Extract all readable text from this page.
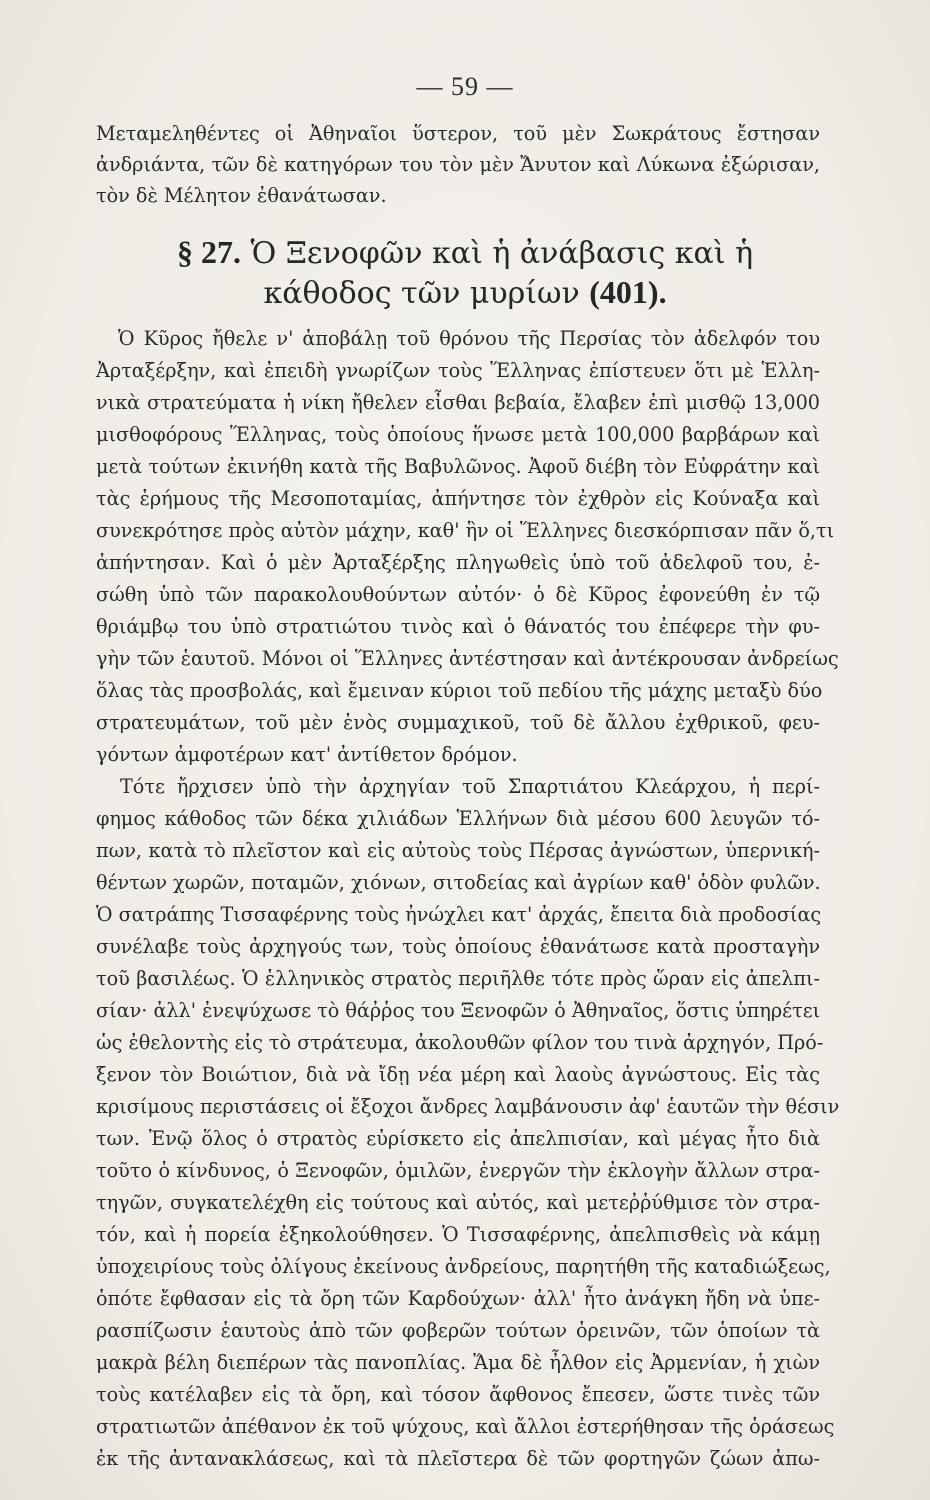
— 59 —
Μεταμεληθέντες οἱ Ἀθηναῖοι ὕστερον, τοῦ μὲν Σωκράτους ἔστησαν
ἀνδριάντα, τῶν δὲ κατηγόρων του τὸν μὲν Ἄνυτον καὶ Λύκωνα ἐξώρισαν,
τὸν δὲ Μέλητον ἐθανάτωσαν.
§ 27. Ὁ Ξενοφῶν καὶ ἡ ἀνάβασις καὶ ἡ
κάθοδος τῶν μυρίων (401).
Ὁ Κῦρος ἤθελε ν' ἀποβάλῃ τοῦ θρόνου τῆς Περσίας τὸν ἀδελφόν του
Ἀρταξέρξην, καὶ ἐπειδὴ γνωρίζων τοὺς Ἕλληνας ἐπίστευεν ὅτι μὲ Ἑλλη-
νικὰ στρατεύματα ἡ νίκη ἤθελεν εἶσθαι βεβαία, ἔλαβεν ἐπὶ μισθῷ 13,000
μισθοφόρους Ἕλληνας, τοὺς ὁποίους ἥνωσε μετὰ 100,000 βαρβάρων καὶ
μετὰ τούτων ἐκινήθη κατὰ τῆς Βαβυλῶνος. Ἀφοῦ διέβη τὸν Εὐφράτην καὶ
τὰς ἐρήμους τῆς Μεσοποταμίας, ἀπήντησε τὸν ἐχθρὸν εἰς Κούναξα καὶ
συνεκρότησε πρὸς αὐτὸν μάχην, καθ' ἣν οἱ Ἕλληνες διεσκόρπισαν πᾶν ὅ,τι
ἀπήντησαν. Καὶ ὁ μὲν Ἀρταξέρξης πληγωθεὶς ὑπὸ τοῦ ἀδελφοῦ του, ἐ-
σώθη ὑπὸ τῶν παρακολουθούντων αὐτόν· ὁ δὲ Κῦρος ἐφονεύθη ἐν τῷ
θριάμβῳ του ὑπὸ στρατιώτου τινὸς καὶ ὁ θάνατός του ἐπέφερε τὴν φυ-
γὴν τῶν ἑαυτοῦ. Μόνοι οἱ Ἕλληνες ἀντέστησαν καὶ ἀντέκρουσαν ἀνδρείως
ὅλας τὰς προσβολάς, καὶ ἔμειναν κύριοι τοῦ πεδίου τῆς μάχης μεταξὺ δύο
στρατευμάτων, τοῦ μὲν ἑνὸς συμμαχικοῦ, τοῦ δὲ ἄλλου ἐχθρικοῦ, φευ-
γόντων ἀμφοτέρων κατ' ἀντίθετον δρόμον.
Τότε ἤρχισεν ὑπὸ τὴν ἀρχηγίαν τοῦ Σπαρτιάτου Κλεάρχου, ἡ περί-
φημος κάθοδος τῶν δέκα χιλιάδων Ἑλλήνων διὰ μέσου 600 λευγῶν τό-
πων, κατὰ τὸ πλεῖστον καὶ εἰς αὐτοὺς τοὺς Πέρσας ἀγνώστων, ὑπερνική-
θέντων χωρῶν, ποταμῶν, χιόνων, σιτοδείας καὶ ἀγρίων καθ' ὁδὸν φυλῶν.
Ὁ σατράπης Τισσαφέρνης τοὺς ἠνώχλει κατ' ἀρχάς, ἔπειτα διὰ προδοσίας
συνέλαβε τοὺς ἀρχηγούς των, τοὺς ὁποίους ἐθανάτωσε κατὰ προσταγὴν
τοῦ βασιλέως. Ὁ ἑλληνικὸς στρατὸς περιῆλθε τότε πρὸς ὥραν εἰς ἀπελπι-
σίαν· ἀλλ' ἐνεψύχωσε τὸ θάῤῥος του Ξενοφῶν ὁ Ἀθηναῖος, ὅστις ὑπηρέτει
ὡς ἐθελοντὴς εἰς τὸ στράτευμα, ἀκολουθῶν φίλον του τινὰ ἀρχηγόν, Πρό-
ξενον τὸν Βοιώτιον, διὰ νὰ ἴδῃ νέα μέρη καὶ λαοὺς ἀγνώστους. Εἰς τὰς
κρισίμους περιστάσεις οἱ ἔξοχοι ἄνδρες λαμβάνουσιν ἀφ' ἑαυτῶν τὴν θέσιν
των. Ἐνῷ ὅλος ὁ στρατὸς εὑρίσκετο εἰς ἀπελπισίαν, καὶ μέγας ἦτο διὰ
τοῦτο ὁ κίνδυνος, ὁ Ξενοφῶν, ὁμιλῶν, ἐνεργῶν τὴν ἐκλογὴν ἄλλων στρα-
τηγῶν, συγκατελέχθη εἰς τούτους καὶ αὐτός, καὶ μετεῤῥύθμισε τὸν στρα-
τόν, καὶ ἡ πορεία ἐξηκολούθησεν. Ὁ Τισσαφέρνης, ἀπελπισθεὶς νὰ κάμῃ
ὑποχειρίους τοὺς ὀλίγους ἐκείνους ἀνδρείους, παρητήθη τῆς καταδιώξεως,
ὁπότε ἔφθασαν εἰς τὰ ὄρη τῶν Καρδούχων· ἀλλ' ἦτο ἀνάγκη ἤδη νὰ ὑπε-
ρασπίζωσιν ἑαυτοὺς ἀπὸ τῶν φοβερῶν τούτων ὀρεινῶν, τῶν ὁποίων τὰ
μακρὰ βέλη διεπέρων τὰς πανοπλίας. Ἅμα δὲ ἦλθον εἰς Ἀρμενίαν, ἡ χιὼν
τοὺς κατέλαβεν εἰς τὰ ὄρη, καὶ τόσον ἄφθονος ἔπεσεν, ὥστε τινὲς τῶν
στρατιωτῶν ἀπέθανον ἐκ τοῦ ψύχους, καὶ ἄλλοι ἐστερήθησαν τῆς ὁράσεως
ἐκ τῆς ἀντανακλάσεως, καὶ τὰ πλεῖστερα δὲ τῶν φορτηγῶν ζώων ἀπω-
